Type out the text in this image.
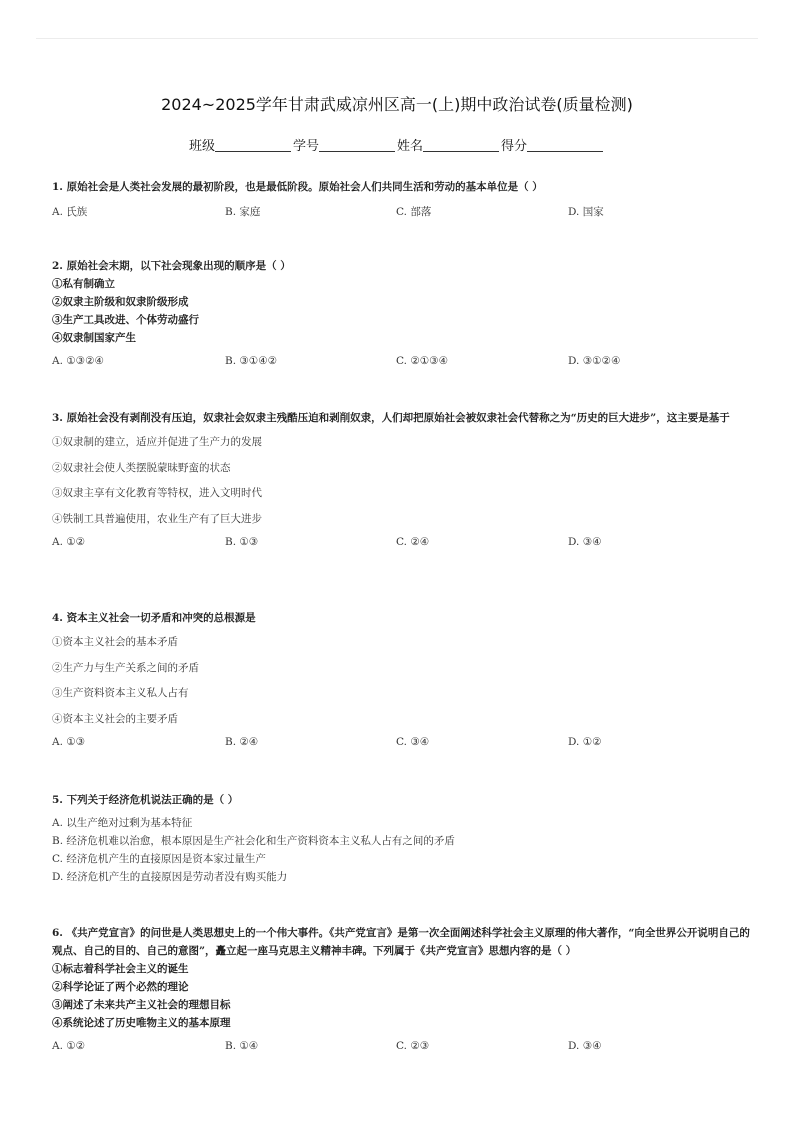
2024~2025学年甘肃武威凉州区高一(上)期中政治试卷(质量检测)
班级	学号	姓名	得分
1. 原始社会是人类社会发展的最初阶段，也是最低阶段。原始社会人们共同生活和劳动的基本单位是（ ）
A. 氏族	B. 家庭	C. 部落	D. 国家
2. 原始社会末期，以下社会现象出现的顺序是（ ）
①私有制确立
②奴隶主阶级和奴隶阶级形成
③生产工具改进、个体劳动盛行
④奴隶制国家产生
A. ①③②④	B. ③①④②	C. ②①③④	D. ③①②④
3. 原始社会没有剥削没有压迫，奴隶社会奴隶主残酷压迫和剥削奴隶，人们却把原始社会被奴隶社会代替称之为“历史的巨大进步”，这主要是基于
①奴隶制的建立，适应并促进了生产力的发展
②奴隶社会使人类摆脱蒙昧野蛮的状态
③奴隶主享有文化教育等特权，进入文明时代
④铁制工具普遍使用，农业生产有了巨大进步
A. ①②	B. ①③	C. ②④	D. ③④
4. 资本主义社会一切矛盾和冲突的总根源是
①资本主义社会的基本矛盾
②生产力与生产关系之间的矛盾
③生产资料资本主义私人占有
④资本主义社会的主要矛盾
A. ①③	B. ②④	C. ③④	D. ①②
5. 下列关于经济危机说法正确的是（ ）
A. 以生产绝对过剩为基本特征
B. 经济危机难以治愈，根本原因是生产社会化和生产资料资本主义私人占有之间的矛盾
C. 经济危机产生的直接原因是资本家过量生产
D. 经济危机产生的直接原因是劳动者没有购买能力
6. 《共产党宣言》的问世是人类思想史上的一个伟大事件。《共产党宣言》是第一次全面阐述科学社会主义原理的伟大著作，“向全世界公开说明自己的观点、自己的目的、自己的意图”，矗立起一座马克思主义精神丰碑。下列属于《共产党宣言》思想内容的是（ ）
①标志着科学社会主义的诞生
②科学论证了两个必然的理论
③阐述了未来共产主义社会的理想目标
④系统论述了历史唯物主义的基本原理
A. ①②	B. ①④	C. ②③	D. ③④
